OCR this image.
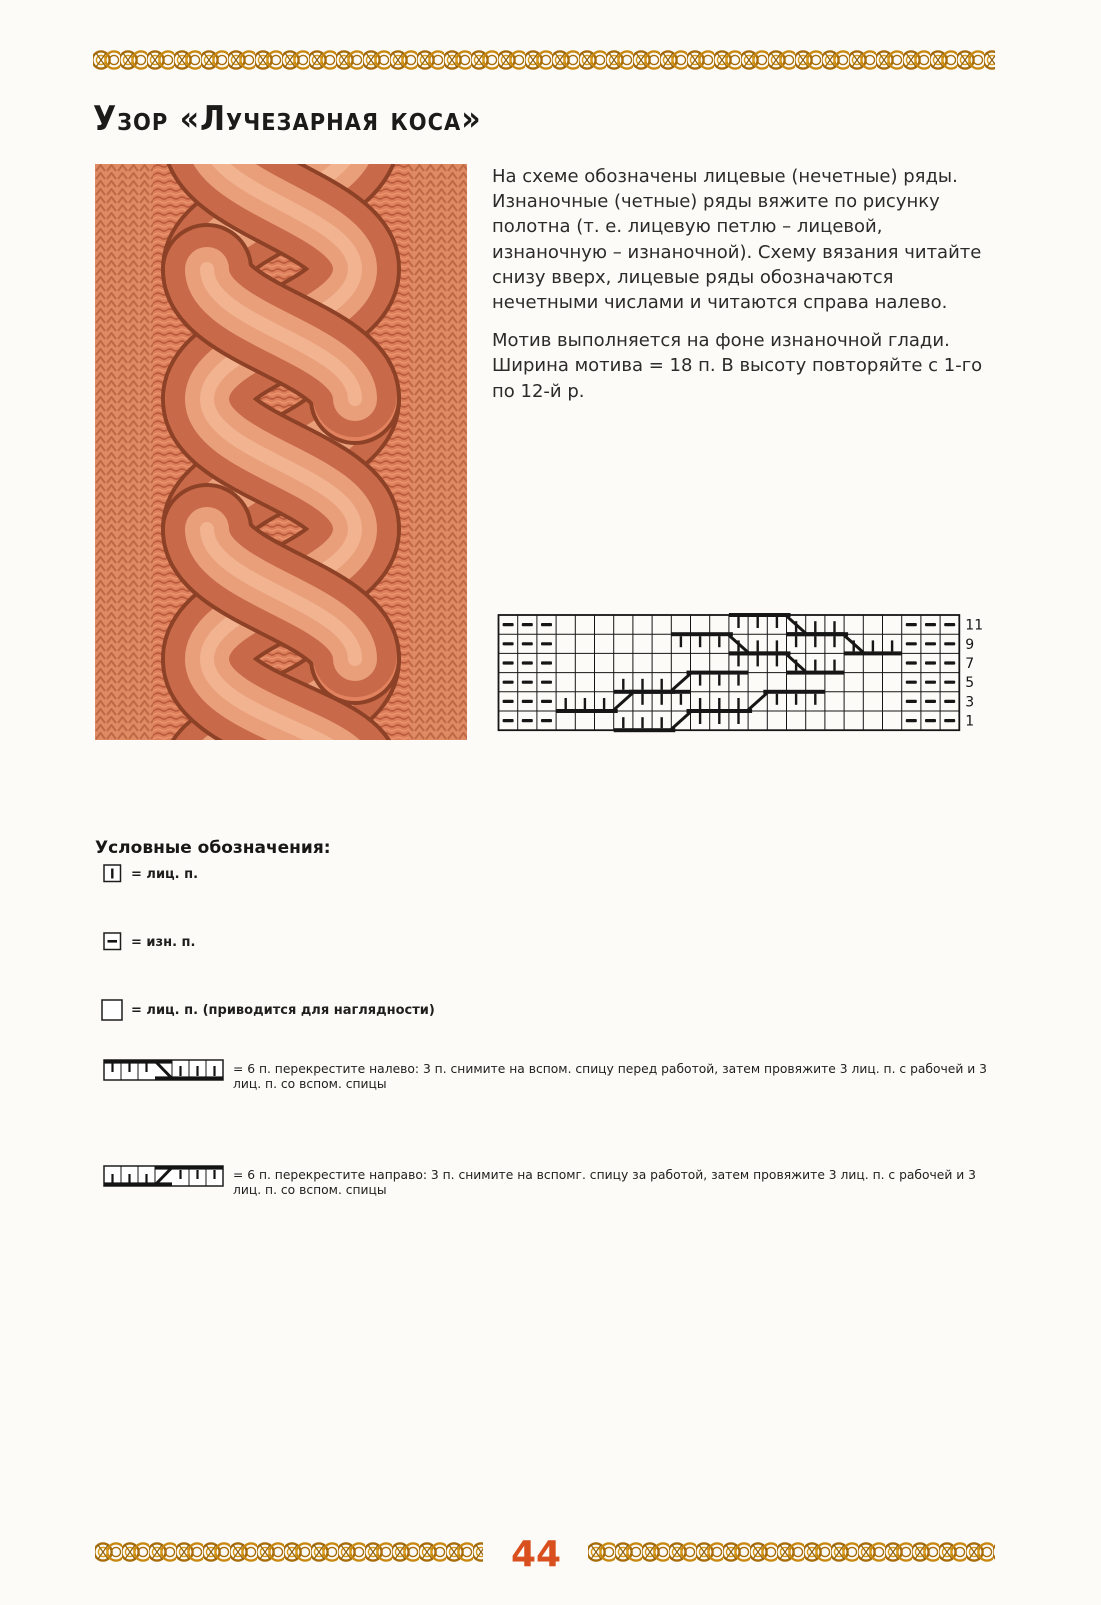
Узор «Лучезарная коса»

На схеме обозначены лицевые (нечетные) ряды. Изнаночные (четные) ряды вяжите по рисунку полотна (т. е. лицевую петлю – лицевой, изнаночную – изнаночной). Схему вязания читайте снизу вверх, лицевые ряды обозначаются нечетными числами и читаются справа налево.

Мотив выполняется на фоне изнаночной глади. Ширина мотива = 18 п. В высоту повторяйте с 1-го по 12-й р.

11
9
7
5
3
1
Условные обозначения:
= лиц. п.
= изн. п.
= лиц. п. (приводится для наглядности)
= 6 п. перекрестите налево: 3 п. снимите на вспом. спицу перед работой, затем провяжите 3 лиц. п. с рабочей и 3 лиц. п. со вспом. спицы
= 6 п. перекрестите направо: 3 п. снимите на вспомг. спицу за работой, затем провяжите 3 лиц. п. с рабочей и 3 лиц. п. со вспом. спицы
44
